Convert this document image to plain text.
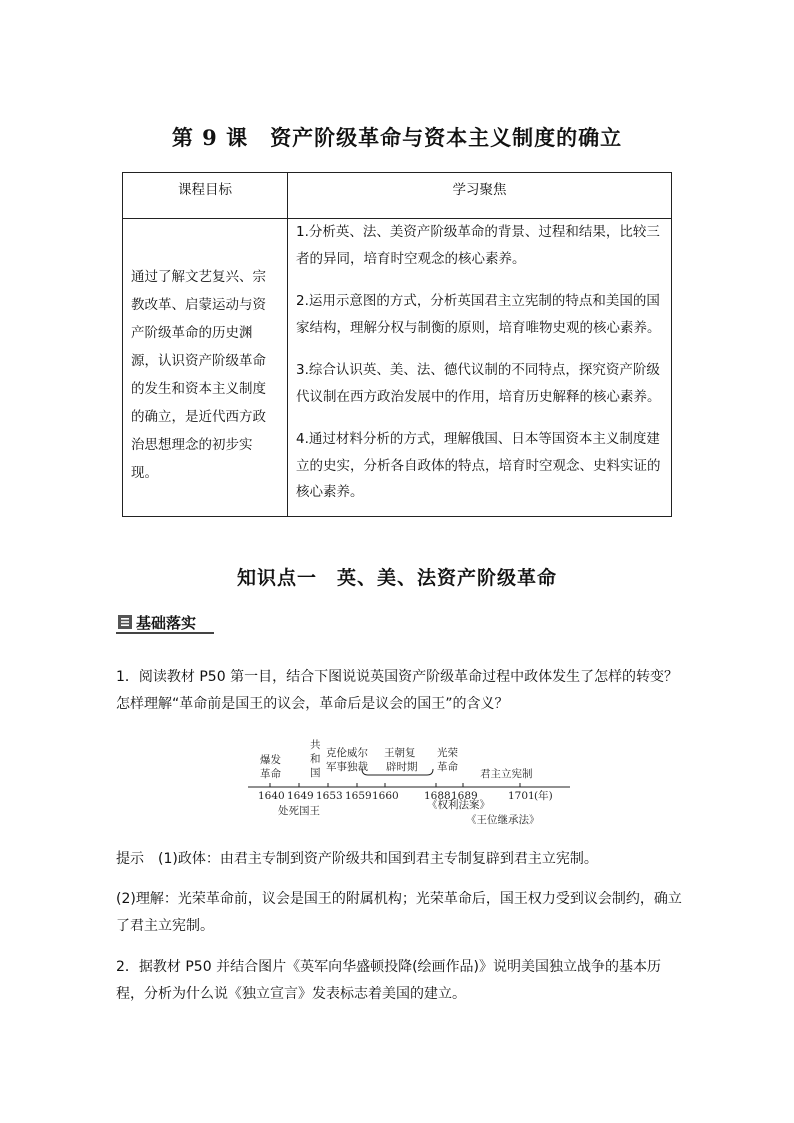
第 9 课　资产阶级革命与资本主义制度的确立
课程目标	学习聚焦

通过了解文艺复兴、宗教改革、启蒙运动与资产阶级革命的历史渊源，认识资产阶级革命的发生和资本主义制度的确立，是近代西方政治思想理念的初步实现。	1.分析英、法、美资产阶级革命的背景、过程和结果，比较三者的异同，培育时空观念的核心素养。

2.运用示意图的方式，分析英国君主立宪制的特点和美国的国家结构，理解分权与制衡的原则，培育唯物史观的核心素养。

3.综合认识英、美、法、德代议制的不同特点，探究资产阶级代议制在西方政治发展中的作用，培育历史解释的核心素养。

4.通过材料分析的方式，理解俄国、日本等国资本主义制度建立的史实，分析各自政体的特点，培育时空观念、史料实证的核心素养。

知识点一　英、美、法资产阶级革命
基础落实

1．阅读教材 P50 第一目，结合下图说说英国资产阶级革命过程中政体发生了怎样的转变？怎样理解“革命前是国王的议会，革命后是议会的国王”的含义？

爆发
革命
共
和
国
克伦威尔
军事独裁
王朝复
辟时期
光荣
革命
君主立宪制
1640 1649 1653 1659 1660 1688 1689	1701 (年)
处死国王	《权利法案》
《王位继承法》

提示　(1)政体：由君主专制到资产阶级共和国到君主专制复辟到君主立宪制。

(2)理解：光荣革命前，议会是国王的附属机构；光荣革命后，国王权力受到议会制约，确立了君主立宪制。

2．据教材 P50 并结合图片《英军向华盛顿投降(绘画作品)》说明美国独立战争的基本历程，分析为什么说《独立宣言》发表标志着美国的建立。
